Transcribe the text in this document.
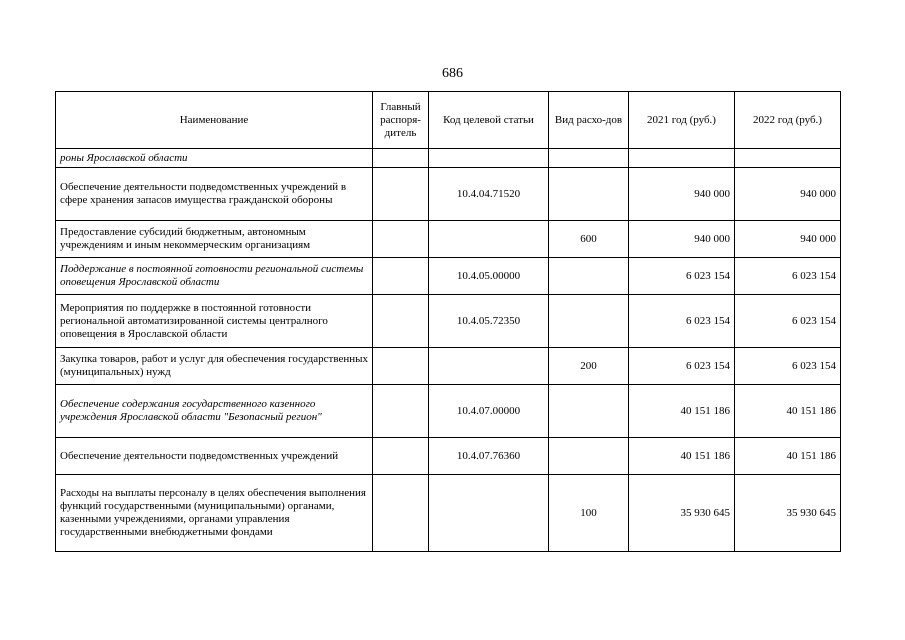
686
Наименование	Главный распоря-дитель	Код целевой статьи	Вид расхо-дов	2021 год (руб.)	2022 год (руб.)
роны Ярославской области					
Обеспечение деятельности подведомственных учреждений в сфере хранения запасов имущества гражданской обороны		10.4.04.71520		940 000	940 000
Предоставление субсидий бюджетным, автономным учреждениям и иным некоммерческим организациям			600	940 000	940 000
Поддержание в постоянной готовности региональной системы оповещения Ярославской области		10.4.05.00000		6 023 154	6 023 154
Мероприятия по поддержке в постоянной готовности региональной автоматизированной системы централного оповещения в Ярославской области		10.4.05.72350		6 023 154	6 023 154
Закупка товаров, работ и услуг для обеспечения государственных (муниципальных) нужд			200	6 023 154	6 023 154
Обеспечение содержания государственного казенного учреждения Ярославской области "Безопасный регион"		10.4.07.00000		40 151 186	40 151 186
Обеспечение деятельности подведомственных учреждений		10.4.07.76360		40 151 186	40 151 186
Расходы на выплаты персоналу в целях обеспечения выполнения функций государственными (муниципальными) органами, казенными учреждениями, органами управления государственными внебюджетными фондами			100	35 930 645	35 930 645
